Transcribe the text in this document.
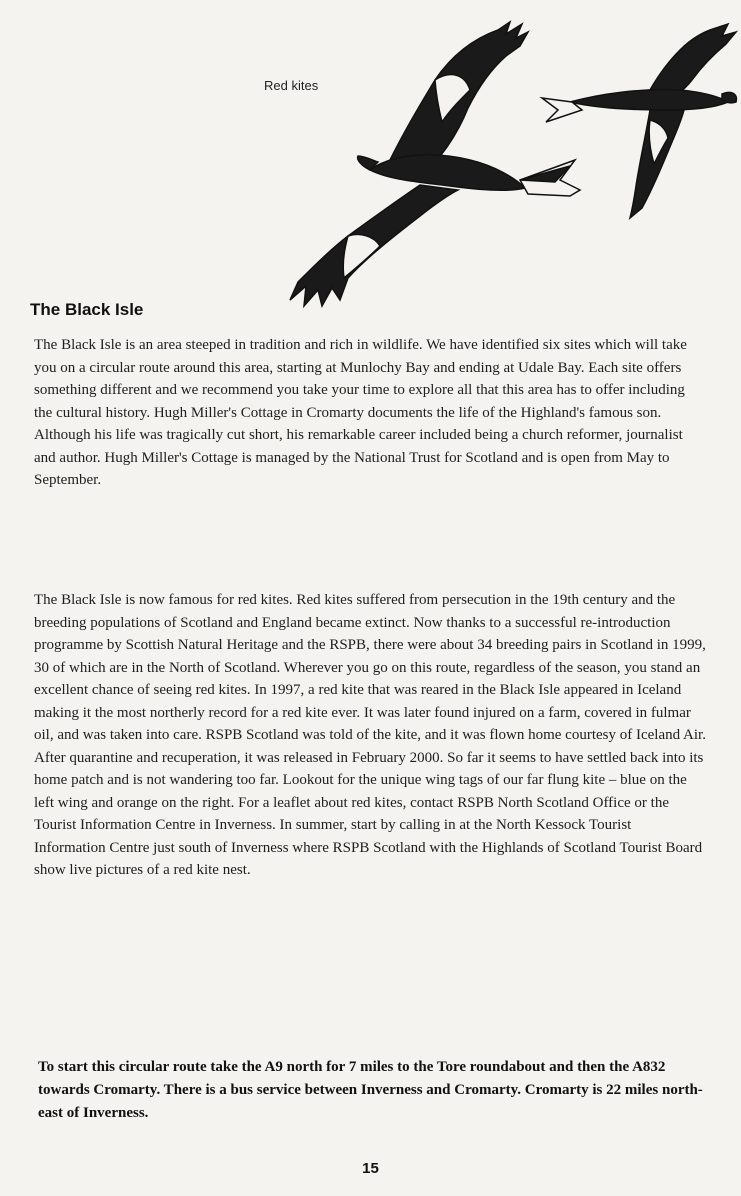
Red kites
The Black Isle

The Black Isle is an area steeped in tradition and rich in wildlife. We have identified six sites which will take you on a circular route around this area, starting at Munlochy Bay and ending at Udale Bay. Each site offers something different and we recommend you take your time to explore all that this area has to offer including the cultural history. Hugh Miller's Cottage in Cromarty documents the life of the Highland's famous son. Although his life was tragically cut short, his remarkable career included being a church reformer, journalist and author. Hugh Miller's Cottage is managed by the National Trust for Scotland and is open from May to September.

The Black Isle is now famous for red kites. Red kites suffered from persecution in the 19th century and the breeding populations of Scotland and England became extinct. Now thanks to a successful re-introduction programme by Scottish Natural Heritage and the RSPB, there were about 34 breeding pairs in Scotland in 1999, 30 of which are in the North of Scotland. Wherever you go on this route, regardless of the season, you stand an excellent chance of seeing red kites. In 1997, a red kite that was reared in the Black Isle appeared in Iceland making it the most northerly record for a red kite ever. It was later found injured on a farm, covered in fulmar oil, and was taken into care. RSPB Scotland was told of the kite, and it was flown home courtesy of Iceland Air. After quarantine and recuperation, it was released in February 2000. So far it seems to have settled back into its home patch and is not wandering too far. Lookout for the unique wing tags of our far flung kite – blue on the left wing and orange on the right. For a leaflet about red kites, contact RSPB North Scotland Office or the Tourist Information Centre in Inverness. In summer, start by calling in at the North Kessock Tourist Information Centre just south of Inverness where RSPB Scotland with the Highlands of Scotland Tourist Board show live pictures of a red kite nest.

To start this circular route take the A9 north for 7 miles to the Tore roundabout and then the A832 towards Cromarty. There is a bus service between Inverness and Cromarty. Cromarty is 22 miles north-east of Inverness.

15
